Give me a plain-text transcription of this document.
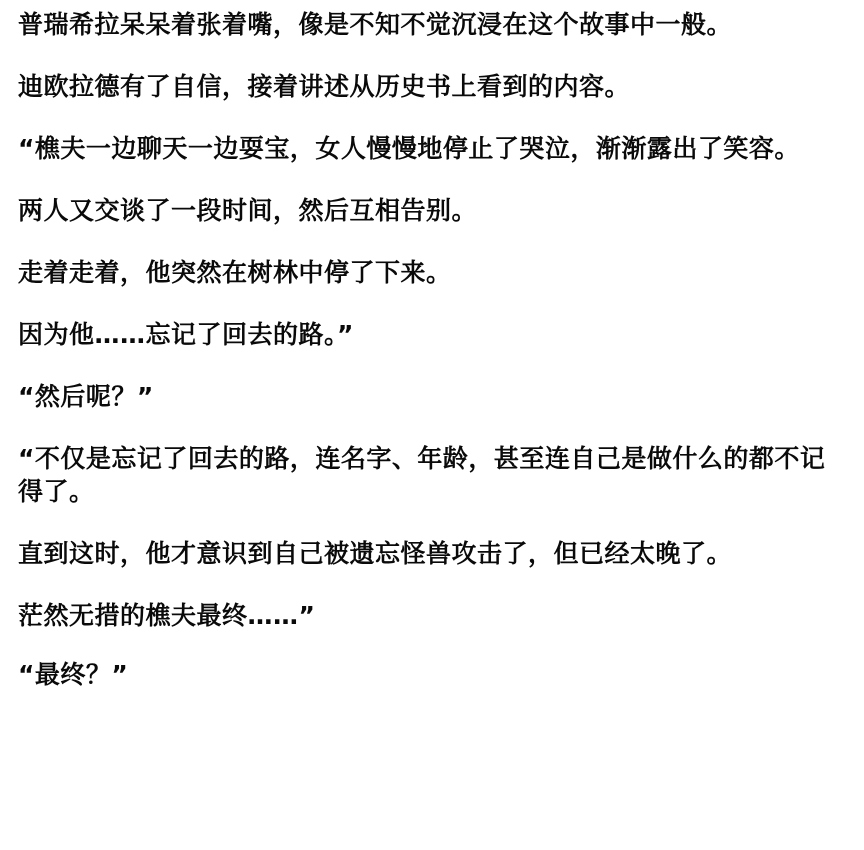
普瑞希拉呆呆着张着嘴，像是不知不觉沉浸在这个故事中一般。

迪欧拉德有了自信，接着讲述从历史书上看到的内容。

“樵夫一边聊天一边耍宝，女人慢慢地停止了哭泣，渐渐露出了笑容。

两人又交谈了一段时间，然后互相告别。

走着走着，他突然在树林中停了下来。

因为他……忘记了回去的路。”

“然后呢？”

“不仅是忘记了回去的路，连名字、年龄，甚至连自己是做什么的都不记得了。

直到这时，他才意识到自己被遗忘怪兽攻击了，但已经太晚了。

茫然无措的樵夫最终……”

“最终？”
